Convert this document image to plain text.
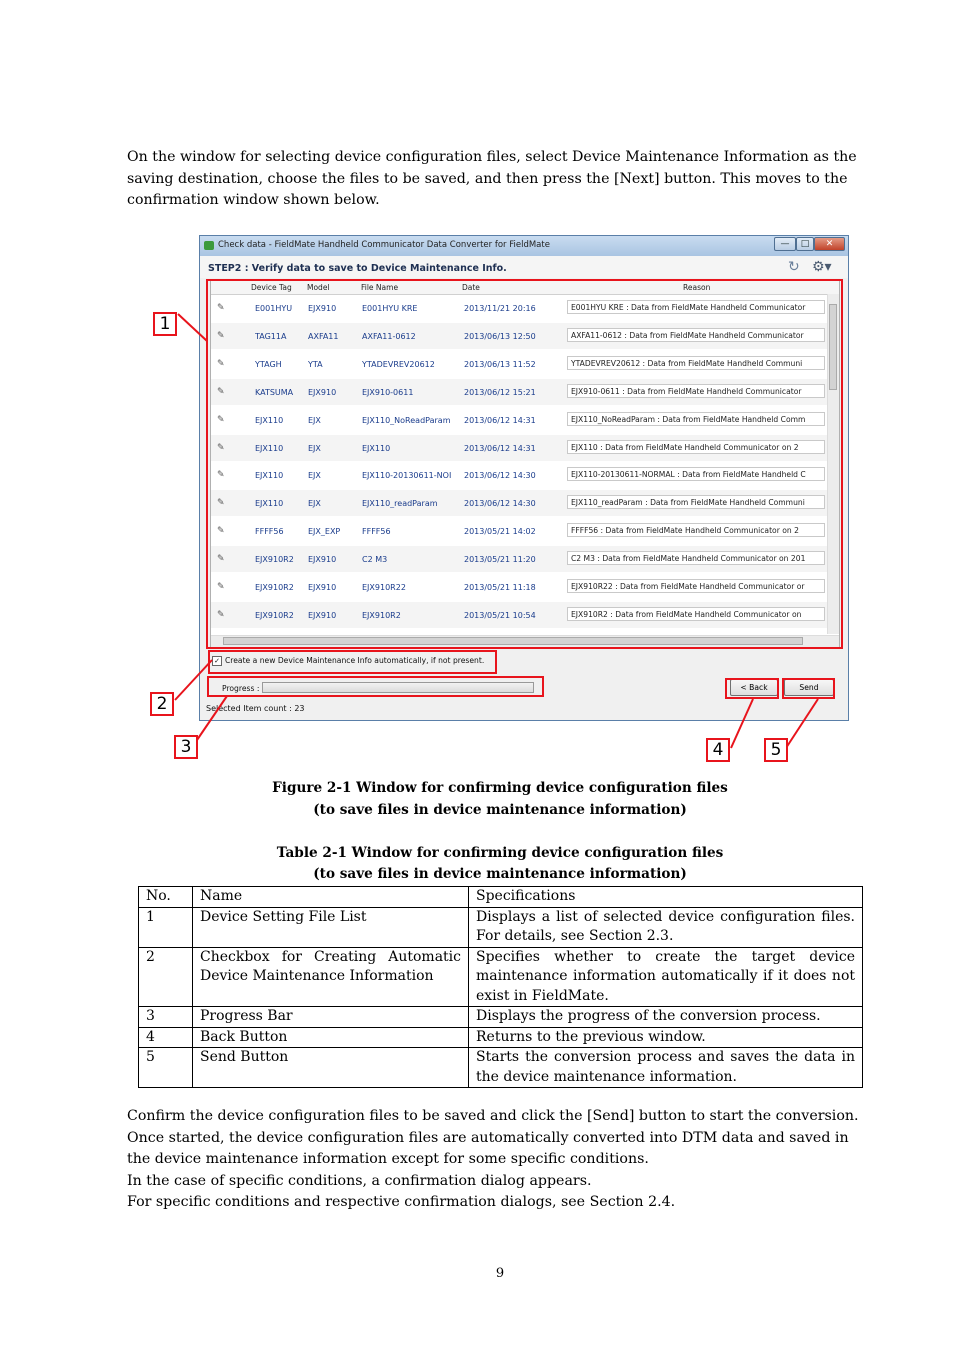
On the window for selecting device configuration files, select Device Maintenance Information as the

saving destination, choose the files to be saved, and then press the [Next] button. This moves to the

confirmation window shown below.

Check data - FieldMate Handheld Communicator Data Converter for FieldMate	—	□	✕
STEP2 : Verify data to save to Device Maintenance Info.	↻ ⚙▾
Device Tag Model	File Name	Date	Reason
✎	E001HYU	EJX910	E001HYU KRE	2013/11/21 20:16	E001HYU KRE : Data from FieldMate Handheld Communicator
✎	TAG11A	AXFA11	AXFA11-0612	2013/06/13 12:50	AXFA11-0612 : Data from FieldMate Handheld Communicator
✎	YTAGH	YTA	YTADEVREV20612	2013/06/13 11:52	YTADEVREV20612 : Data from FieldMate Handheld Communi
✎	KATSUMA	EJX910	EJX910-0611	2013/06/12 15:21	EJX910-0611 : Data from FieldMate Handheld Communicator
✎	EJX110	EJX	EJX110_NoReadParam	2013/06/12 14:31	EJX110_NoReadParam : Data from FieldMate Handheld Comm
✎	EJX110	EJX	EJX110	2013/06/12 14:31	EJX110 : Data from FieldMate Handheld Communicator on 2
✎	EJX110	EJX	EJX110-20130611-NOI	2013/06/12 14:30	EJX110-20130611-NORMAL : Data from FieldMate Handheld C
✎	EJX110	EJX	EJX110_readParam	2013/06/12 14:30	EJX110_readParam : Data from FieldMate Handheld Communi
✎	FFFF56	EJX_EXP	FFFF56	2013/05/21 14:02	FFFF56 : Data from FieldMate Handheld Communicator on 2
✎	EJX910R2	EJX910	C2 M3	2013/05/21 11:20	C2 M3 : Data from FieldMate Handheld Communicator on 201
✎	EJX910R2	EJX910	EJX910R22	2013/05/21 11:18	EJX910R22 : Data from FieldMate Handheld Communicator or
✎	EJX910R2	EJX910	EJX910R2	2013/05/21 10:54	EJX910R2 : Data from FieldMate Handheld Communicator on
✓ Create a new Device Maintenance Info automatically, if not present.
Progress :	< Back	Send
Selected Item count : 23
1
2
3	4	5
Figure 2-1 Window for confirming device configuration files
(to save files in device maintenance information)
Table 2-1 Window for confirming device configuration files
(to save files in device maintenance information)
No.	Name	Specifications
1	Device Setting File List	Displays a list of selected device configuration files. For details, see Section 2.3.
2	Checkbox for Creating Automatic Device Maintenance Information	Specifies whether to create the target device maintenance information automatically if it does not exist in FieldMate.
3	Progress Bar	Displays the progress of the conversion process.
4	Back Button	Returns to the previous window.
5	Send Button	Starts the conversion process and saves the data in the device maintenance information.

Confirm the device configuration files to be saved and click the [Send] button to start the conversion.

Once started, the device configuration files are automatically converted into DTM data and saved in

the device maintenance information except for some specific conditions.

In the case of specific conditions, a confirmation dialog appears.

For specific conditions and respective confirmation dialogs, see Section 2.4.

9
